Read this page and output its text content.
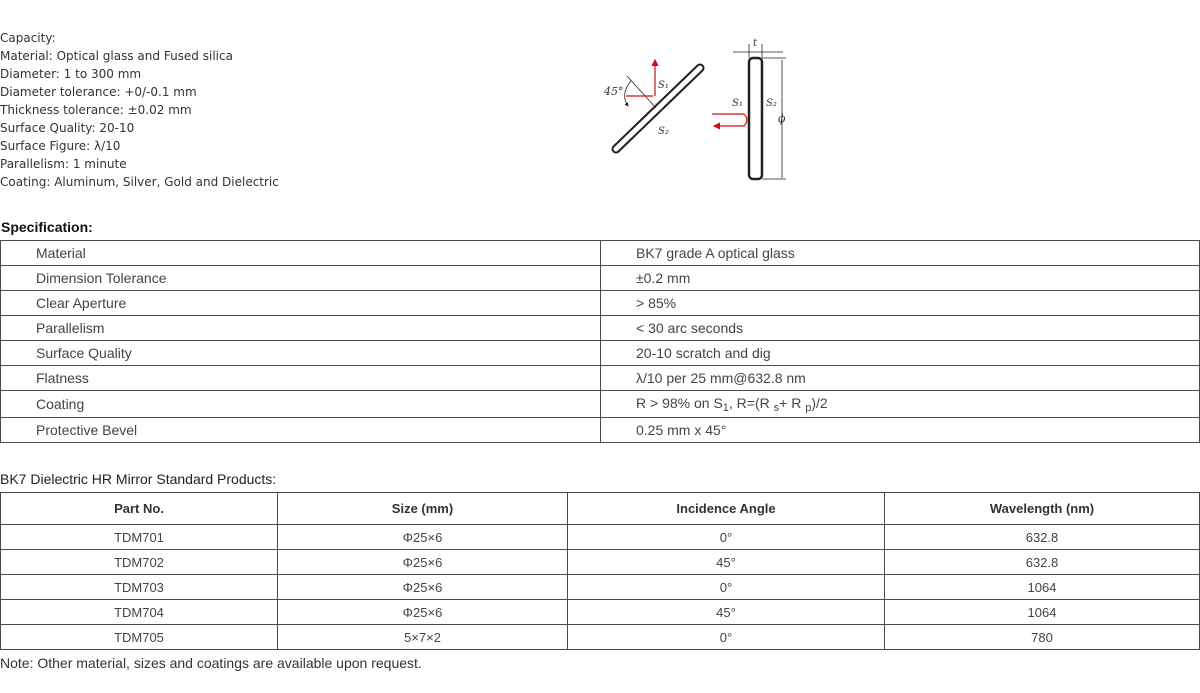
Capacity:
Material: Optical glass and Fused silica
Diameter: 1 to 300 mm
Diameter tolerance: +0/-0.1 mm
Thickness tolerance: ±0.02 mm
Surface Quality: 20-10
Surface Figure: λ/10
Parallelism: 1 minute
Coating: Aluminum, Silver, Gold and Dielectric
45°	S₁
S₂
t
ϕ
S₁ S₂
Specification:
Material	BK7 grade A optical glass
Dimension Tolerance	±0.2 mm
Clear Aperture	> 85%
Parallelism	< 30 arc seconds
Surface Quality	20-10 scratch and dig
Flatness	λ/10 per 25 mm@632.8 nm
Coating	R > 98% on $S_1$, R=(R $_s$+ R $_p$)/2
Protective Bevel	0.25 mm x 45°
BK7 Dielectric HR Mirror Standard Products:
Part No.	Size (mm)	Incidence Angle	Wavelength (nm)
TDM701	Φ25×6	0°	632.8
TDM702	Φ25×6	45°	632.8
TDM703	Φ25×6	0°	1064
TDM704	Φ25×6	45°	1064
TDM705	5×7×2	0°	780
Note: Other material, sizes and coatings are available upon request.
